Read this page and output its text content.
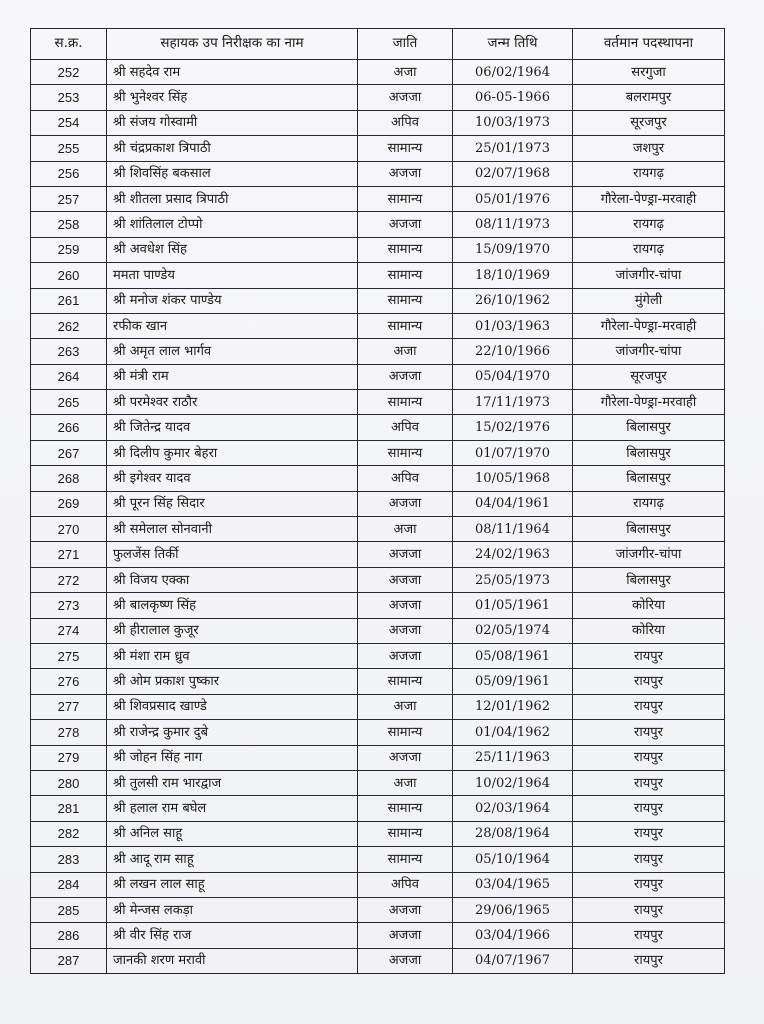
स.क्र.	सहायक उप निरीक्षक का नाम	जाति	जन्म तिथि	वर्तमान पदस्थापना
252	श्री सहदेव राम	अजा	06/02/1964	सरगुजा
253	श्री भुनेश्वर सिंह	अजजा	06-05-1966	बलरामपुर
254	श्री संजय गोस्वामी	अपिव	10/03/1973	सूरजपुर
255	श्री चंद्रप्रकाश त्रिपाठी	सामान्य	25/01/1973	जशपुर
256	श्री शिवसिंह बकसाल	अजजा	02/07/1968	रायगढ़
257	श्री शीतला प्रसाद त्रिपाठी	सामान्य	05/01/1976	गौरेला-पेण्ड्रा-मरवाही
258	श्री शांतिलाल टोप्पो	अजजा	08/11/1973	रायगढ़
259	श्री अवधेश सिंह	सामान्य	15/09/1970	रायगढ़
260	ममता पाण्डेय	सामान्य	18/10/1969	जांजगीर-चांपा
261	श्री मनोज शंकर पाण्डेय	सामान्य	26/10/1962	मुंगेली
262	रफीक खान	सामान्य	01/03/1963	गौरेला-पेण्ड्रा-मरवाही
263	श्री अमृत लाल भार्गव	अजा	22/10/1966	जांजगीर-चांपा
264	श्री मंत्री राम	अजजा	05/04/1970	सूरजपुर
265	श्री परमेश्वर राठौर	सामान्य	17/11/1973	गौरेला-पेण्ड्रा-मरवाही
266	श्री जितेन्द्र यादव	अपिव	15/02/1976	बिलासपुर
267	श्री दिलीप कुमार बेहरा	सामान्य	01/07/1970	बिलासपुर
268	श्री इगेश्वर यादव	अपिव	10/05/1968	बिलासपुर
269	श्री पूरन सिंह सिदार	अजजा	04/04/1961	रायगढ़
270	श्री समेलाल सोनवानी	अजा	08/11/1964	बिलासपुर
271	फुलजेंस तिर्की	अजजा	24/02/1963	जांजगीर-चांपा
272	श्री विजय एक्का	अजजा	25/05/1973	बिलासपुर
273	श्री बालकृष्ण सिंह	अजजा	01/05/1961	कोरिया
274	श्री हीरालाल कुजूर	अजजा	02/05/1974	कोरिया
275	श्री मंशा राम ध्रुव	अजजा	05/08/1961	रायपुर
276	श्री ओम प्रकाश पुष्कार	सामान्य	05/09/1961	रायपुर
277	श्री शिवप्रसाद खाण्डे	अजा	12/01/1962	रायपुर
278	श्री राजेन्द्र कुमार दुबे	सामान्य	01/04/1962	रायपुर
279	श्री जोहन सिंह नाग	अजजा	25/11/1963	रायपुर
280	श्री तुलसी राम भारद्वाज	अजा	10/02/1964	रायपुर
281	श्री हलाल राम बघेल	सामान्य	02/03/1964	रायपुर
282	श्री अनिल साहू	सामान्य	28/08/1964	रायपुर
283	श्री आदू राम साहू	सामान्य	05/10/1964	रायपुर
284	श्री लखन लाल साहू	अपिव	03/04/1965	रायपुर
285	श्री मेन्जस लकड़ा	अजजा	29/06/1965	रायपुर
286	श्री वीर सिंह राज	अजजा	03/04/1966	रायपुर
287	जानकी शरण मरावी	अजजा	04/07/1967	रायपुर
